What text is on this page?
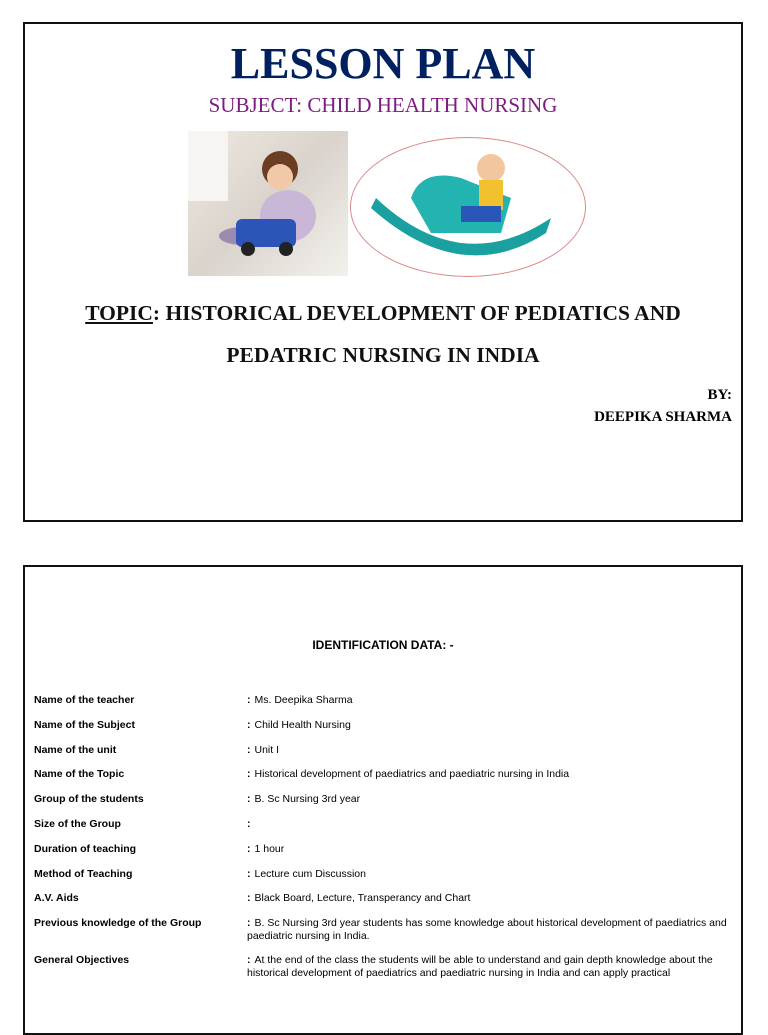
LESSON PLAN
SUBJECT: CHILD HEALTH NURSING
TOPIC: HISTORICAL DEVELOPMENT OF PEDIATICS AND
PEDATRIC NURSING IN INDIA
BY:
DEEPIKA SHARMA
IDENTIFICATION DATA: -
Name of the teacher	: Ms. Deepika Sharma
Name of the Subject	: Child Health Nursing
Name of the unit	: Unit I
Name of the Topic	: Historical development of paediatrics and paediatric nursing in India
Group of the students	: B. Sc Nursing 3rd year
Size of the Group	:
Duration of teaching	: 1 hour
Method of Teaching	: Lecture cum Discussion
A.V. Aids	: Black Board, Lecture, Transperancy and Chart
Previous knowledge of the Group	: B. Sc Nursing 3rd year students has some knowledge about historical development of paediatrics and paediatric nursing in India.
General Objectives	: At the end of the class the students will be able to understand and gain depth knowledge about the historical development of paediatrics and paediatric nursing in India and can apply practical
